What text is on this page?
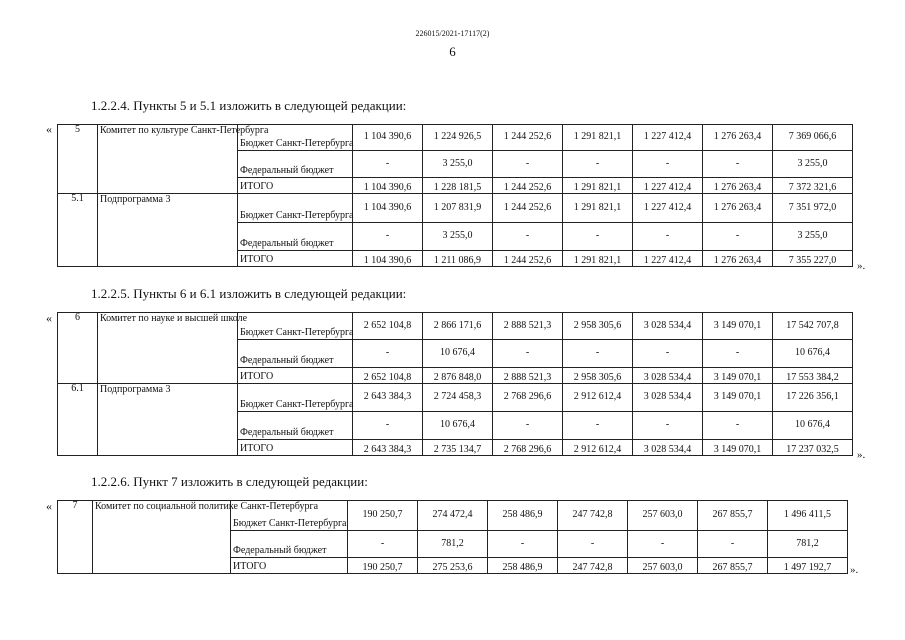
226015/2021-17117(2)
6
1.2.2.4. Пункты 5 и 5.1 изложить в следующей редакции:
« 5	Комитет по культуре Санкт-Петербурга	Бюджет Санкт-Петербурга	1 104 390,6	1 224 926,5	1 244 252,6	1 291 821,1	1 227 412,4	1 276 263,4	7 369 066,6
		Федеральный бюджет	-	3 255,0	-	-	-	-	3 255,0
		ИТОГО	1 104 390,6	1 228 181,5	1 244 252,6	1 291 821,1	1 227 412,4	1 276 263,4	7 372 321,6
5.1	Подпрограмма 3	Бюджет Санкт-Петербурга	1 104 390,6	1 207 831,9	1 244 252,6	1 291 821,1	1 227 412,4	1 276 263,4	7 351 972,0
		Федеральный бюджет	-	3 255,0	-	-	-	-	3 255,0
		ИТОГО	1 104 390,6	1 211 086,9	1 244 252,6	1 291 821,1	1 227 412,4	1 276 263,4	7 355 227,0 ».
1.2.2.5. Пункты 6 и 6.1 изложить в следующей редакции:
« 6	Комитет по науке и высшей школе	Бюджет Санкт-Петербурга	2 652 104,8	2 866 171,6	2 888 521,3	2 958 305,6	3 028 534,4	3 149 070,1	17 542 707,8
		Федеральный бюджет	-	10 676,4	-	-	-	-	10 676,4
		ИТОГО	2 652 104,8	2 876 848,0	2 888 521,3	2 958 305,6	3 028 534,4	3 149 070,1	17 553 384,2
6.1	Подпрограмма 3	Бюджет Санкт-Петербурга	2 643 384,3	2 724 458,3	2 768 296,6	2 912 612,4	3 028 534,4	3 149 070,1	17 226 356,1
		Федеральный бюджет	-	10 676,4	-	-	-	-	10 676,4
		ИТОГО	2 643 384,3	2 735 134,7	2 768 296,6	2 912 612,4	3 028 534,4	3 149 070,1	17 237 032,5 ».
1.2.2.6. Пункт 7 изложить в следующей редакции:
« 7	Комитет по социальной политике Санкт-Петербурга	Бюджет Санкт-Петербурга	190 250,7	274 472,4	258 486,9	247 742,8	257 603,0	267 855,7	1 496 411,5
		Федеральный бюджет	-	781,2	-	-	-	-	781,2
		ИТОГО	190 250,7	275 253,6	258 486,9	247 742,8	257 603,0	267 855,7	1 497 192,7 ».
